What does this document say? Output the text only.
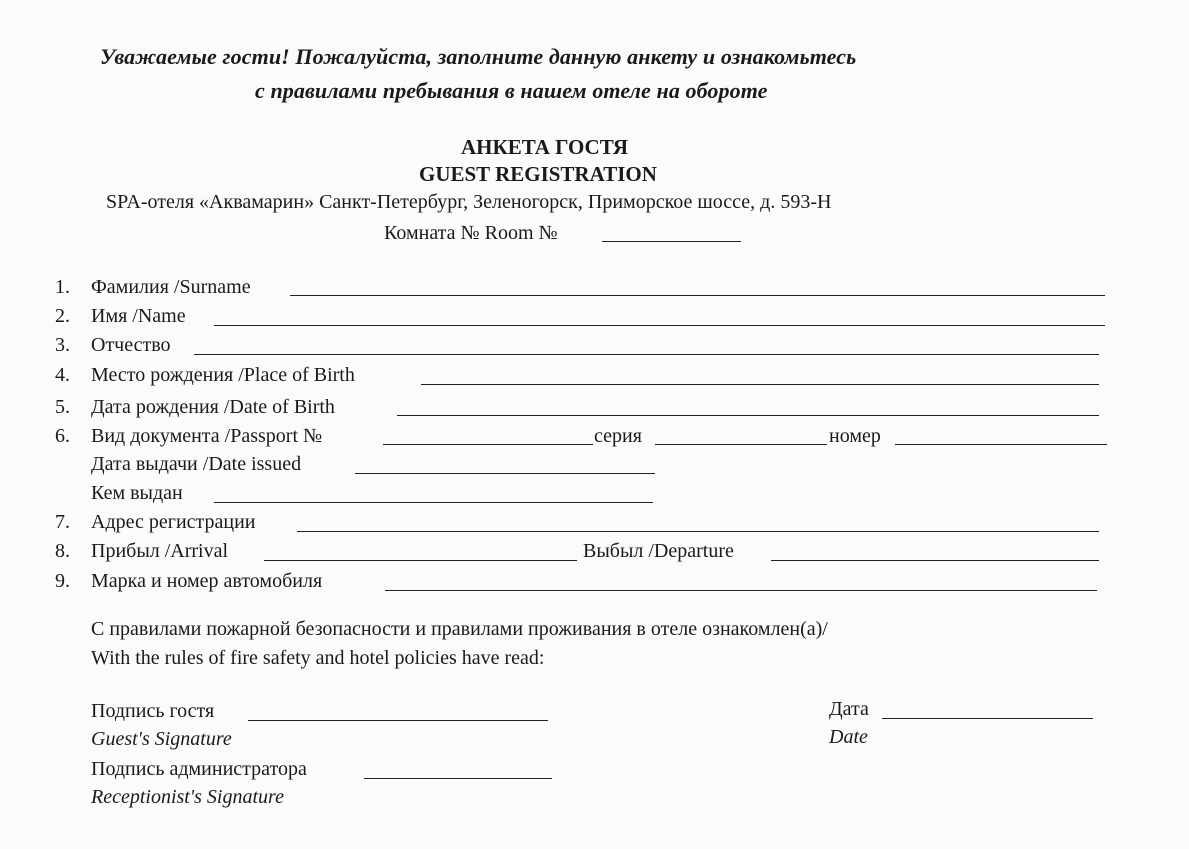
Уважаемые гости! Пожалуйста, заполните данную анкету и ознакомьтесь
с правилами пребывания в нашем отеле на обороте
АНКЕТА ГОСТЯ
GUEST REGISTRATION
SPA-отеля «Аквамарин» Санкт-Петербург, Зеленогорск, Приморское шоссе, д. 593-Н
Комната № Room №
1. Фамилия /Surname
2. Имя /Name
3. Отчество
4. Место рождения /Place of Birth
5. Дата рождения /Date of Birth
6. Вид документа /Passport №	серия	номер
Дата выдачи /Date issued
Кем выдан
7. Адрес регистрации
8. Прибыл /Arrival	Выбыл /Departure
9. Марка и номер автомобиля
С правилами пожарной безопасности и правилами проживания в отеле ознакомлен(а)/
With the rules of fire safety and hotel policies have read:
Подпись гостя
Guest's Signature
Дата
Date
Подпись администратора
Receptionist's Signature
